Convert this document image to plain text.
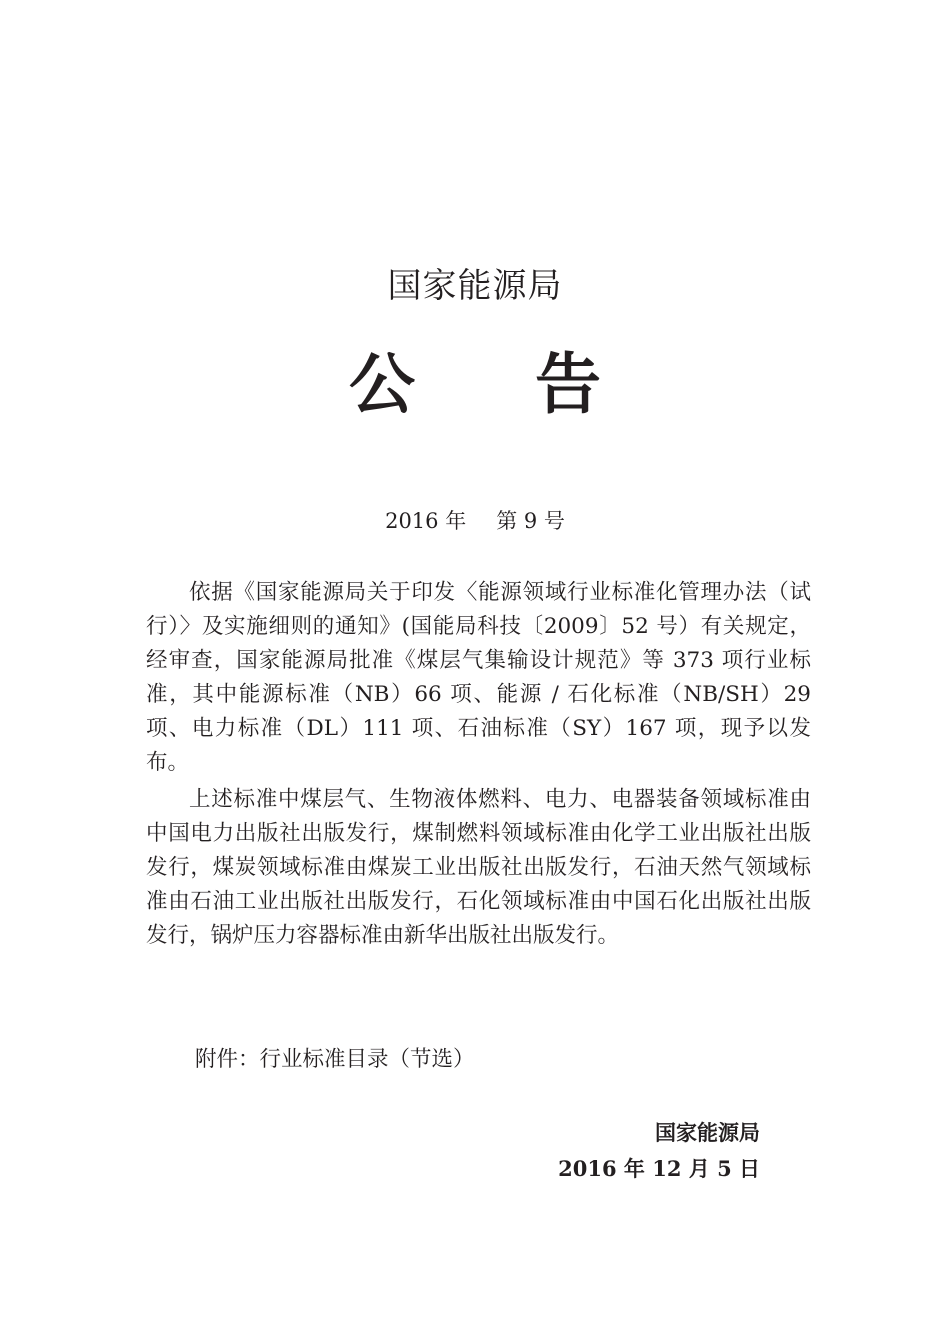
国家能源局
公 告
2016 年 第 9 号

依据《国家能源局关于印发〈能源领域行业标准化管理办法（试行）〉及实施细则的通知》(国能局科技〔2009〕52 号）有关规定，经审查，国家能源局批准《煤层气集输设计规范》等 373 项行业标准，其中能源标准（NB）66 项、能源 / 石化标准（NB/SH）29 项、电力标准（DL）111 项、石油标准（SY）167 项，现予以发布。

上述标准中煤层气、生物液体燃料、电力、电器装备领域标准由中国电力出版社出版发行，煤制燃料领域标准由化学工业出版社出版发行，煤炭领域标准由煤炭工业出版社出版发行，石油天然气领域标准由石油工业出版社出版发行，石化领域标准由中国石化出版社出版发行，锅炉压力容器标准由新华出版社出版发行。

附件：行业标准目录（节选）
国家能源局
2016 年 12 月 5 日
